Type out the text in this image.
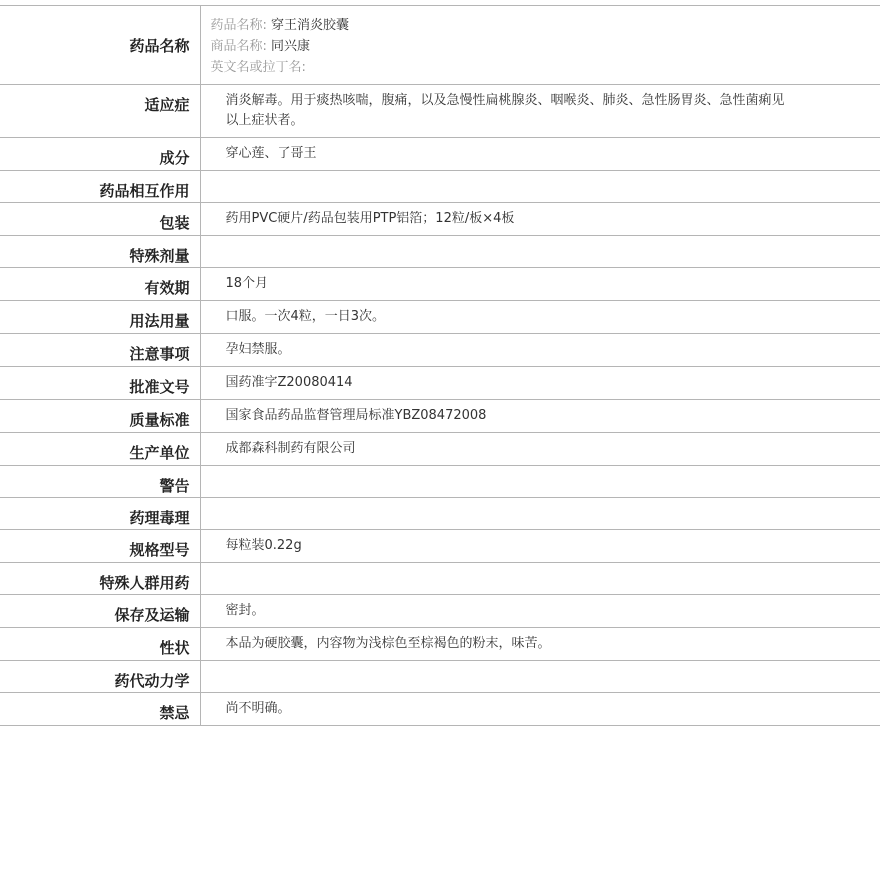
药品名称	药品名称: 穿王消炎胶囊
商品名称: 同兴康
英文名或拉丁名:

适应症	消炎解毒。用于痰热咳喘，腹痛，以及急慢性扁桃腺炎、咽喉炎、肺炎、急性肠胃炎、急性菌痢见以上症状者。
成分	穿心莲、了哥王
药品相互作用	
包装	药用PVC硬片/药品包装用PTP铝箔；12粒/板×4板
特殊剂量	
有效期	18个月
用法用量	口服。一次4粒，一日3次。
注意事项	孕妇禁服。
批准文号	国药准字Z20080414
质量标准	国家食品药品监督管理局标准YBZ08472008
生产单位	成都森科制药有限公司
警告	
药理毒理	
规格型号	每粒装0.22g
特殊人群用药	
保存及运输	密封。
性状	本品为硬胶囊，内容物为浅棕色至棕褐色的粉末，味苦。
药代动力学	
禁忌	尚不明确。
